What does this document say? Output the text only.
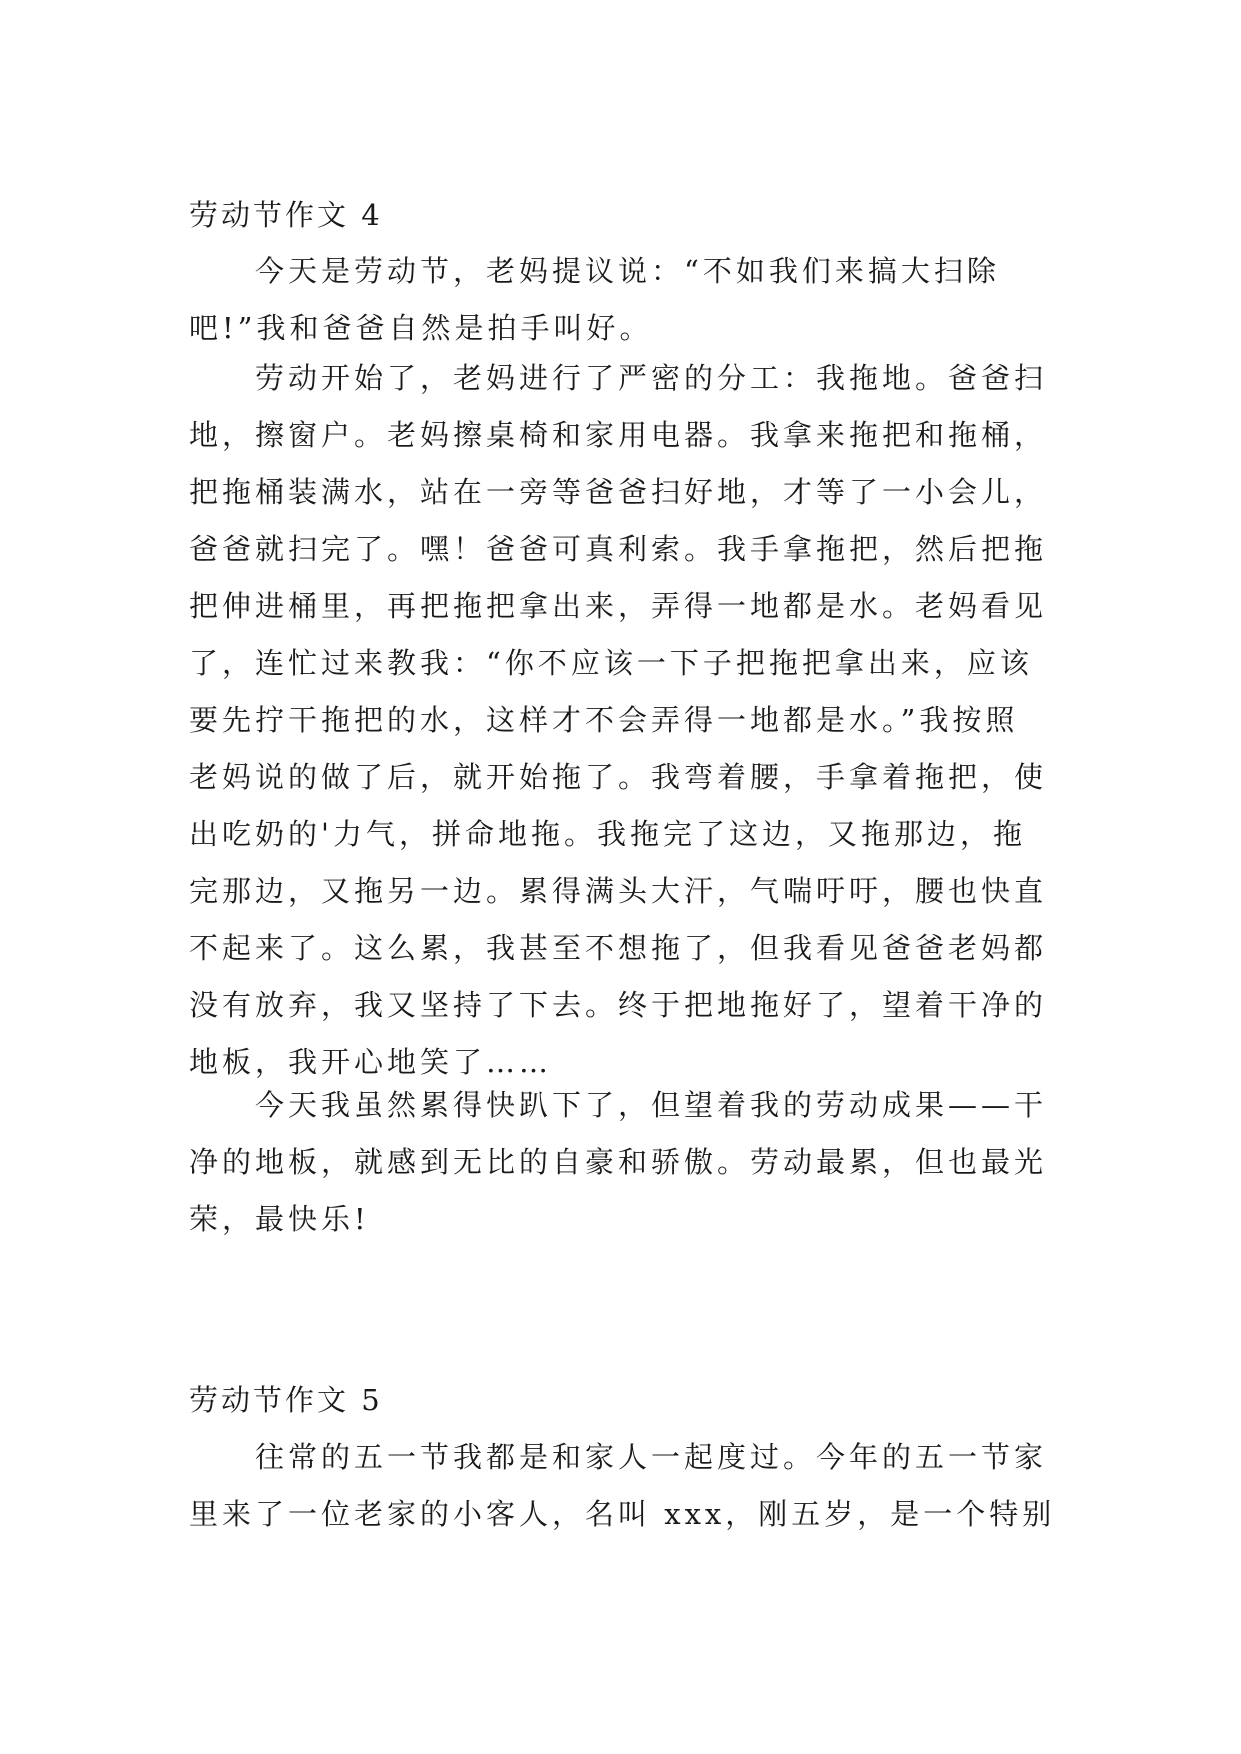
劳动节作文 4
今天是劳动节，老妈提议说：“不如我们来搞大扫除
吧!”我和爸爸自然是拍手叫好。
劳动开始了，老妈进行了严密的分工：我拖地。爸爸扫
地，擦窗户。老妈擦桌椅和家用电器。我拿来拖把和拖桶，
把拖桶装满水，站在一旁等爸爸扫好地，才等了一小会儿，
爸爸就扫完了。嘿！爸爸可真利索。我手拿拖把，然后把拖
把伸进桶里，再把拖把拿出来，弄得一地都是水。老妈看见
了，连忙过来教我：“你不应该一下子把拖把拿出来，应该
要先拧干拖把的水，这样才不会弄得一地都是水。”我按照
老妈说的做了后，就开始拖了。我弯着腰，手拿着拖把，使
出吃奶的'力气，拼命地拖。我拖完了这边，又拖那边，拖
完那边，又拖另一边。累得满头大汗，气喘吁吁，腰也快直
不起来了。这么累，我甚至不想拖了，但我看见爸爸老妈都
没有放弃，我又坚持了下去。终于把地拖好了，望着干净的
地板，我开心地笑了……
今天我虽然累得快趴下了，但望着我的劳动成果——干
净的地板，就感到无比的自豪和骄傲。劳动最累，但也最光
荣，最快乐!
劳动节作文 5
往常的五一节我都是和家人一起度过。今年的五一节家
里来了一位老家的小客人，名叫 xxx，刚五岁，是一个特别
